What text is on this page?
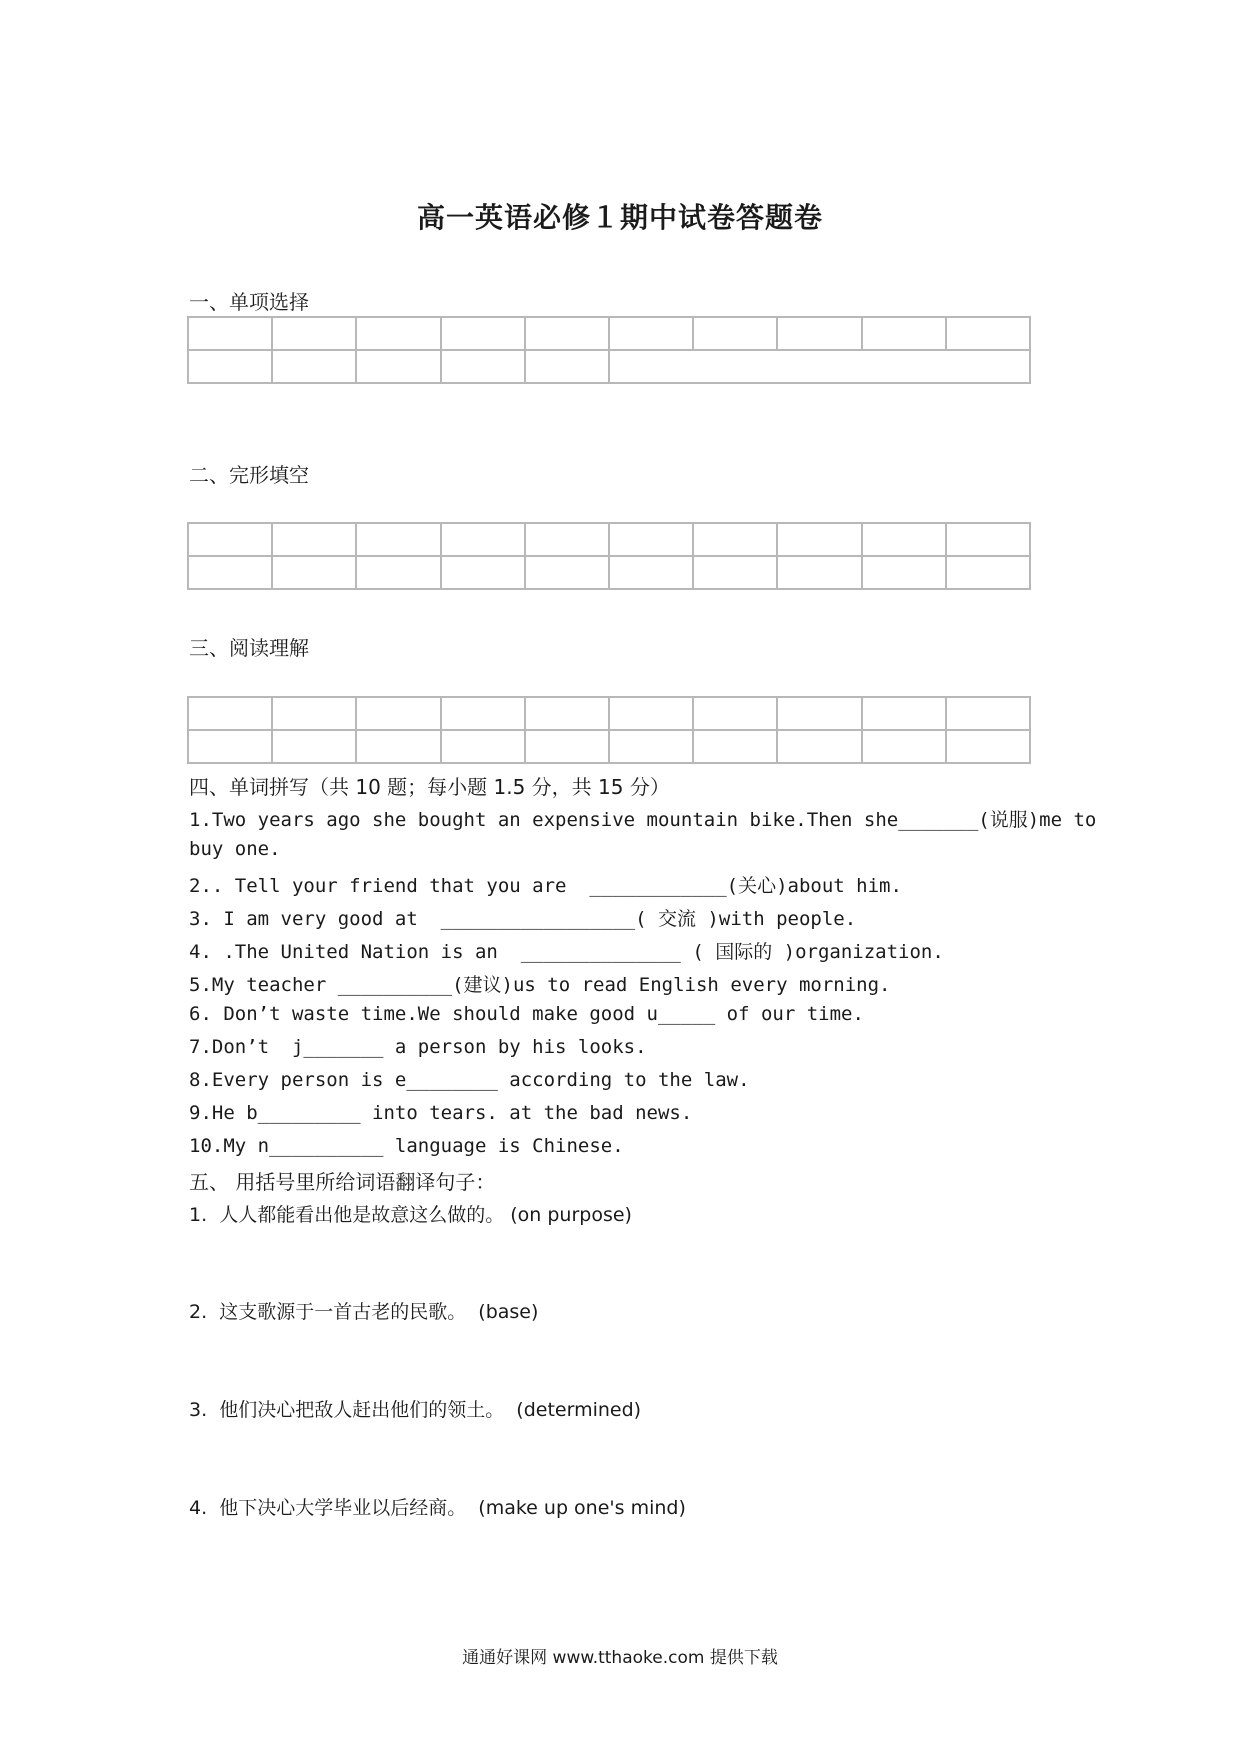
高一英语必修１期中试卷答题卷
一、单项选择

二、完形填空

三、阅读理解

四、单词拼写（共 10 题；每小题 1.5 分，共 15 分）
1.Two years ago she bought an expensive mountain bike.Then she_______(说服)me to
buy one.
2.. Tell your friend that you are  ____________(关心)about him.
3. I am very good at  _________________( 交流 )with people.
4. .The United Nation is an  ______________ ( 国际的 )organization.
5.My teacher __________(建议)us to read English every morning.
6. Don’t waste time.We should make good u_____ of our time.
7.Don’t  j_______ a person by his looks.
8.Every person is e________ according to the law.
9.He b_________ into tears. at the bad news.
10.My n__________ language is Chinese.
五、 用括号里所给词语翻译句子：
1.  人人都能看出他是故意这么做的。 (on purpose)
2.  这支歌源于一首古老的民歌。  (base)
3.  他们决心把敌人赶出他们的领土。  (determined)
4.  他下决心大学毕业以后经商。  (make up one's mind)
通通好课网 www.tthaoke.com 提供下载
